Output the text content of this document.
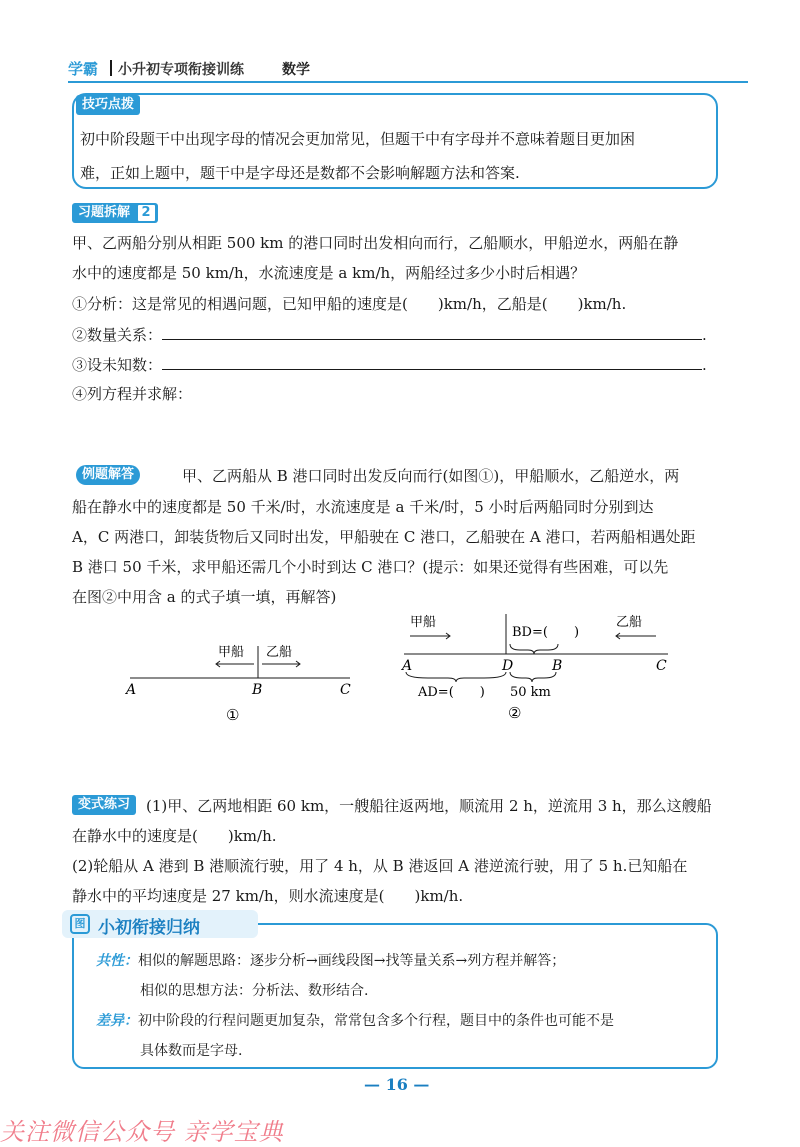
学霸 小升初专项衔接训练	数学
技巧点拨
初中阶段题干中出现字母的情况会更加常见，但题干中有字母并不意味着题目更加困
难，正如上题中，题干中是字母还是数都不会影响解题方法和答案.
习题拆解 2
甲、乙两船分别从相距 500 km 的港口同时出发相向而行，乙船顺水，甲船逆水，两船在静
水中的速度都是 50 km/h，水流速度是 a km/h，两船经过多少小时后相遇？
①分析：这是常见的相遇问题，已知甲船的速度是(　　)km/h，乙船是(　　)km/h.
②数量关系：	.
③设未知数：	.
④列方程并求解：
例题解答	甲、乙两船从 B 港口同时出发反向而行(如图①)，甲船顺水，乙船逆水，两
船在静水中的速度都是 50 千米/时，水流速度是 a 千米/时，5 小时后两船同时分别到达
A，C 两港口，卸装货物后又同时出发，甲船驶在 C 港口，乙船驶在 A 港口，若两船相遇处距
B 港口 50 千米，求甲船还需几个小时到达 C 港口？(提示：如果还觉得有些困难，可以先
在图②中用含 a 的式子填一填，再解答)
甲船 乙船
A	B	C
①
甲船	乙船
BD=(　　)
A	D	B	C
AD=(　　) 50 km
②
变式练习	(1)甲、乙两地相距 60 km，一艘船往返两地，顺流用 2 h，逆流用 3 h，那么这艘船
在静水中的速度是(　　)km/h.
(2)轮船从 A 港到 B 港顺流行驶，用了 4 h，从 B 港返回 A 港逆流行驶，用了 5 h.已知船在
静水中的平均速度是 27 km/h，则水流速度是(　　)km/h.
图 小初衔接归纳
共性：相似的解题思路：逐步分析→画线段图→找等量关系→列方程并解答；
相似的思想方法：分析法、数形结合.
差异：初中阶段的行程问题更加复杂，常常包含多个行程，题目中的条件也可能不是
具体数而是字母.
— 16 —
关注微信公众号 亲学宝典
